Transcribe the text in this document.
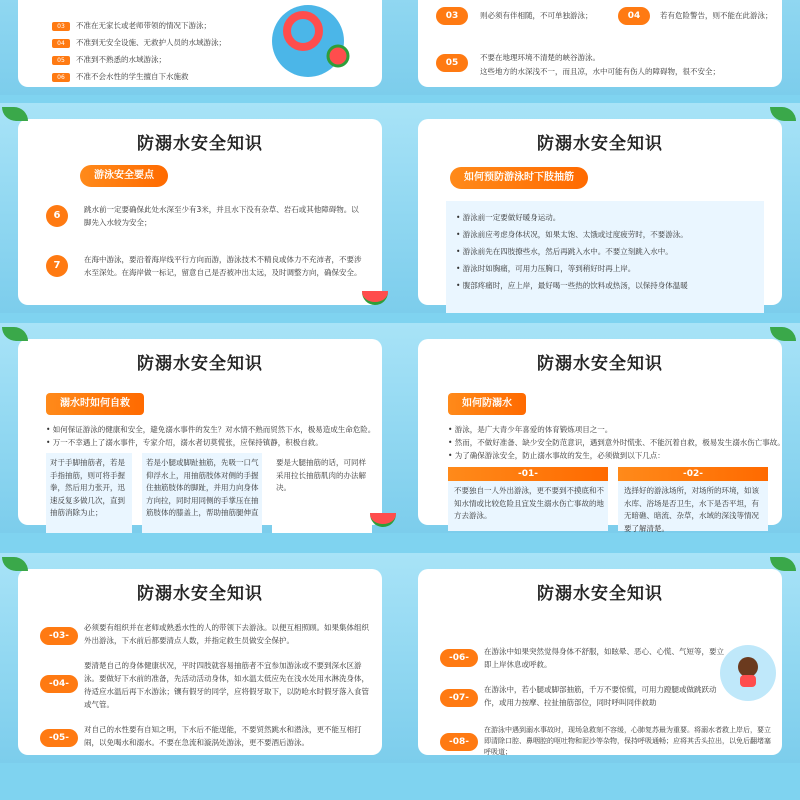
03 不准在无家长或老师带领的情况下游泳；
04 不准到无安全设施、无救护人员的水域游泳；
05 不准到不熟悉的水域游泳；
06 不准不会水性的学生擅自下水施救
03	则必须有伴相随，不可单独游泳；	04	若有危险警告，则不能在此游泳；
05
不要在地理环境不清楚的峡谷游泳。
这些地方的水深浅不一，而且凉，水中可能有伤人的障碍物，很不安全；
防溺水安全知识
游泳安全要点
6
跳水前一定要确保此处水深至少有3米，并且水下没有杂草、岩石或其他障碍物。以脚先入水较为安全；
7
在海中游泳，要沿着海岸线平行方向而游，游泳技术不精良或体力不充沛者，不要涉水至深处。在海岸做一标记，留意自己是否被冲出太远，及时调整方向，确保安全。
防溺水安全知识
如何预防游泳时下肢抽筋
• 游泳前一定要做好暖身运动。
• 游泳前应考虑身体状况，如果太饱、太饿或过度疲劳时，不要游泳。
• 游泳前先在四肢撩些水，然后再跳入水中。不要立刻跳入水中。
• 游泳时如胸痛，可用力压胸口，等到稍好时再上岸。
• 腹部疼痛时，应上岸，最好喝一些热的饮料或热汤，以保持身体温暖
防溺水安全知识
溺水时如何自救
• 如何保证游泳的健康和安全，避免溺水事件的发生？对水情不熟而贸然下水，极易造成生命危险。
• 万一不幸遇上了溺水事件，专家介绍，溺水者切莫慌张，应保持镇静，积极自救。
对于手脚抽筋者，若是手指抽筋，则可将手握拳，然后用力张开，迅速反复多做几次，直到抽筋消除为止；
若是小腿或脚趾抽筋，先吸一口气仰浮水上，用抽筋肢体对侧的手握住抽筋肢体的脚趾，并用力向身体方向拉，同时用同侧的手掌压在抽筋肢体的膝盖上，帮助抽筋腿伸直
要是大腿抽筋的话，可同样采用拉长抽筋肌肉的办法解决。
防溺水安全知识
如何防溺水
• 游泳，是广大青少年喜爱的体育锻炼项目之一。
• 然而，不做好准备、缺少安全防范意识，遇到意外时慌张、不能沉着自救，极易发生溺水伤亡事故。
• 为了确保游泳安全，防止溺水事故的发生，必须做到以下几点：
-01-
不要独自一人外出游泳，更不要到不摸底和不知水情或比较危险且宜发生溺水伤亡事故的地方去游泳。
-02-
选择好的游泳场所，对场所的环境，如该水库、浴场是否卫生，水下是否平坦，有无暗礁、暗流、杂草，水域的深浅等情况要了解清楚。
防溺水安全知识
-03-
必须要有组织并在老师或熟悉水性的人的带领下去游泳。以便互相照顾。如果集体组织外出游泳，下水前后都要清点人数，并指定救生员做安全保护。
-04-
要清楚自己的身体健康状况，平时四肢就容易抽筋者不宜参加游泳或不要到深水区游泳。要做好下水前的准备，先活动活动身体，如水温太低应先在浅水处用水淋洗身体，待适应水温后再下水游泳；镶有假牙的同学，应将假牙取下，以防呛水时假牙落入食管或气管。
-05-
对自己的水性要有自知之明，下水后不能逞能，不要贸然跳水和潜泳，更不能互相打闹，以免喝水和溺水。不要在急流和漩涡处游泳，更不要酒后游泳。
防溺水安全知识
-06-
在游泳中如果突然觉得身体不舒服，如眩晕、恶心、心慌、气短等，要立即上岸休息或呼救。
-07-
在游泳中，若小腿或脚部抽筋，千万不要惊慌，可用力蹬腿或做跳跃动作，或用力按摩、拉扯抽筋部位，同时呼叫同伴救助
-08-
在游泳中遇到溺水事故时，现场急救刻不容缓，心肺复苏最为重要。将溺水者救上岸后，要立即清除口腔、鼻咽腔的呕吐物和泥沙等杂物，保持呼吸通畅；应将其舌头拉出，以免后翻堵塞呼吸道；
